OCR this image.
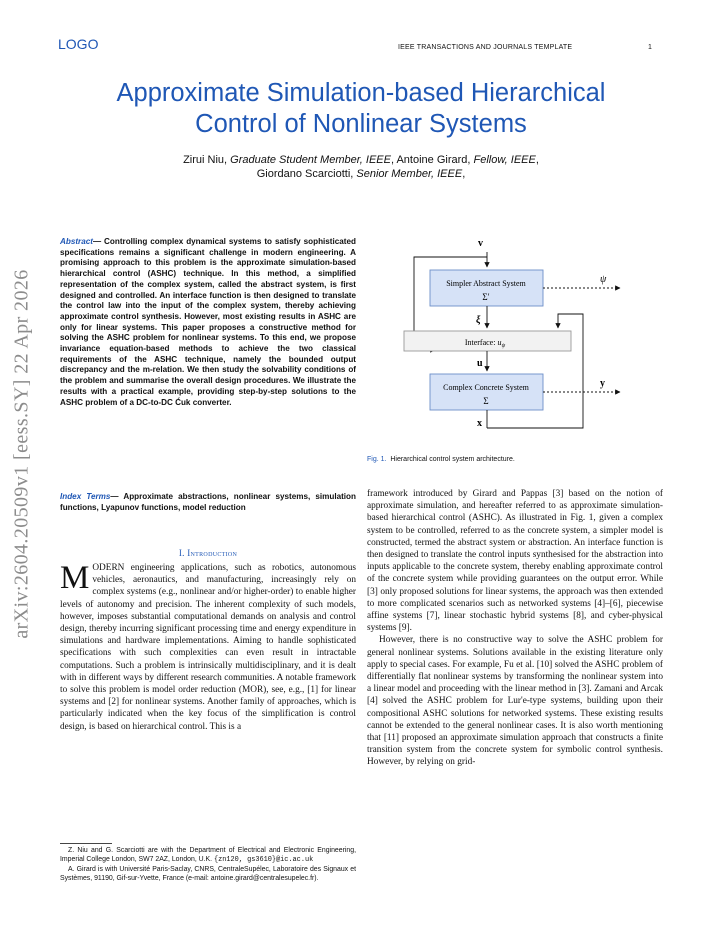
LOGO	IEEE TRANSACTIONS AND JOURNALS TEMPLATE	1
Approximate Simulation-based Hierarchical
Control of Nonlinear Systems
Zirui Niu, Graduate Student Member, IEEE, Antoine Girard, Fellow, IEEE,
Giordano Scarciotti, Senior Member, IEEE,
arXiv:2604.20509v1 [eess.SY] 22 Apr 2026
Abstract— Controlling complex dynamical systems to satisfy sophisticated specifications remains a significant challenge in modern engineering. A promising approach to this problem is the approximate simulation-based hierarchical control (ASHC) technique. In this method, a simplified representation of the complex system, called the abstract system, is first designed and controlled. An interface function is then designed to translate the control law into the input of the complex system, thereby achieving approximate control synthesis. However, most existing results in ASHC are only for linear systems. This paper proposes a constructive method for solving the ASHC problem for nonlinear systems. To this end, we propose invariance equation-based methods to achieve the two classical requirements of the ASHC technique, namely the bounded output discrepancy and the m-relation. We then study the solvability conditions of the problem and summarise the overall design procedures. We illustrate the results with a practical example, providing step-by-step solutions to the ASHC problem of a DC-to-DC Ćuk converter.
Index Terms— Approximate abstractions, nonlinear systems, simulation functions, Lyapunov functions, model reduction
I. Introduction
MODERN engineering applications, such as robotics, autonomous vehicles, aeronautics, and manufacturing, increasingly rely on complex systems (e.g., nonlinear and/or higher-order) to enable higher levels of autonomy and precision. The inherent complexity of such models, however, imposes substantial computational demands on analysis and control design, thereby incurring significant processing time and energy expenditure in simulations and hardware implementations. Aiming to handle sophisticated specifications with such complexities can even result in intractable computations. Such a problem is intrinsically multidisciplinary, and it is dealt with in different ways by different research communities. A notable framework to solve this problem is model order reduction (MOR), see, e.g., [1] for linear systems and [2] for nonlinear systems. Another family of approaches, which is particularly indicated when the key focus of the simplification is control design, is based on hierarchical control. This is a

Z. Niu and G. Scarciotti are with the Department of Electrical and Electronic Engineering, Imperial College London, SW7 2AZ, London, U.K. {zn120, gs3610}@ic.ac.uk

A. Girard is with Université Paris-Saclay, CNRS, CentraleSupélec, Laboratoire des Signaux et Systèmes, 91190, Gif-sur-Yvette, France (e-mail: antoine.girard@centralesupelec.fr).

v
Simpler Abstract System
Σ′
ψ
ξ
Interface: $u_\psi$
u
Complex Concrete System
Σ
y
x
Fig. 1. Hierarchical control system architecture.

framework introduced by Girard and Pappas [3] based on the notion of approximate simulation, and hereafter referred to as approximate simulation-based hierarchical control (ASHC). As illustrated in Fig. 1, given a complex system to be controlled, referred to as the concrete system, a simpler model is constructed, termed the abstract system or abstraction. An interface function is then designed to translate the control inputs synthesised for the abstraction into inputs applicable to the concrete system, thereby enabling approximate control of the concrete system while providing guarantees on the output error. While [3] only proposed solutions for linear systems, the approach was then extended to more complicated scenarios such as networked systems [4]–[6], piecewise affine systems [7], linear stochastic hybrid systems [8], and cyber-physical systems [9].

However, there is no constructive way to solve the ASHC problem for general nonlinear systems. Solutions available in the existing literature only apply to special cases. For example, Fu et al. [10] solved the ASHC problem of differentially flat nonlinear systems by transforming the nonlinear system into a linear model and proceeding with the linear method in [3]. Zamani and Arcak [4] solved the ASHC problem for Lur'e-type systems, building upon their compositional ASHC solutions for networked systems. These existing results cannot be extended to the general nonlinear cases. It is also worth mentioning that [11] proposed an approximate simulation approach that constructs a finite transition system from the concrete system for symbolic control synthesis. However, by relying on grid-
